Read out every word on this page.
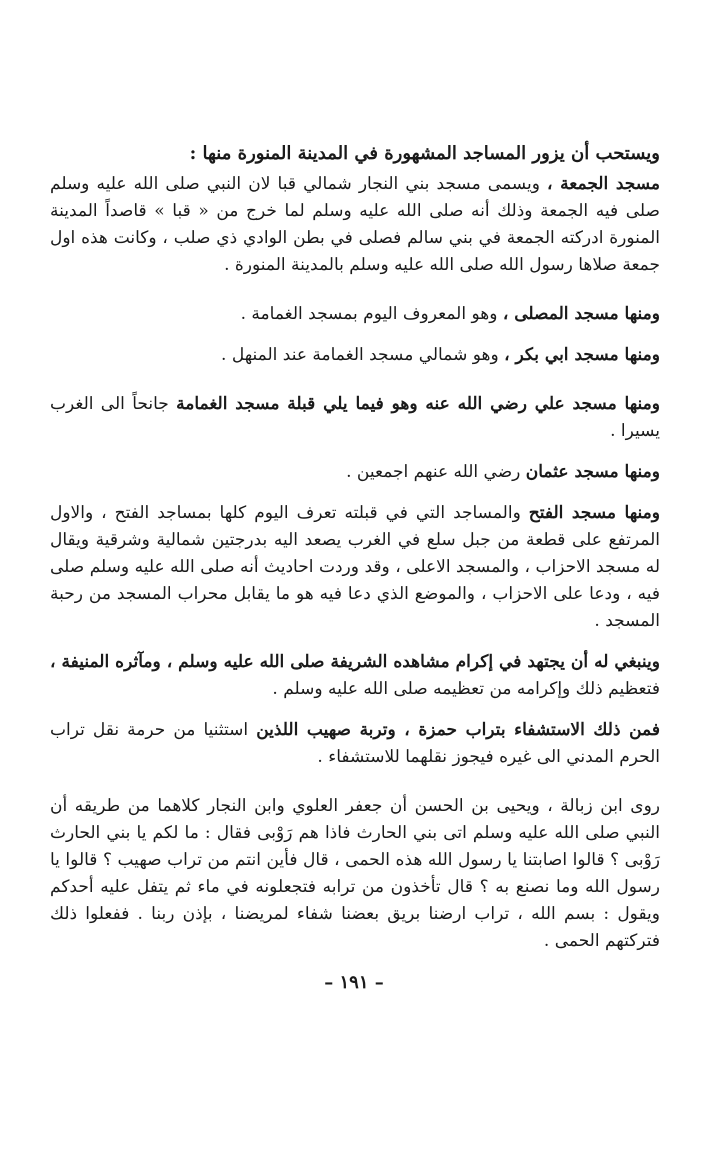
ويستحب أن يزور المساجد المشهورة في المدينة المنورة منها :

مسجد الجمعة ، ويسمى مسجد بني النجار شمالي قبا لان النبي صلى الله عليه وسلم صلى فيه الجمعة وذلك أنه صلى الله عليه وسلم لما خرج من « قبا » قاصداً المدينة المنورة ادركته الجمعة في بني سالم فصلى في بطن الوادي ذي صلب ، وكانت هذه اول جمعة صلاها رسول الله صلى الله عليه وسلم بالمدينة المنورة .

ومنها مسجد المصلى ، وهو المعروف اليوم بمسجد الغمامة .

ومنها مسجد ابي بكر ، وهو شمالي مسجد الغمامة عند المنهل .

ومنها مسجد علي رضي الله عنه وهو فيما يلي قبلة مسجد الغمامة جانحاً الى الغرب يسيرا .

ومنها مسجد عثمان رضي الله عنهم اجمعين .

ومنها مسجد الفتح والمساجد التي في قبلته تعرف اليوم كلها بمساجد الفتح ، والاول المرتفع على قطعة من جبل سلع في الغرب يصعد اليه بدرجتين شمالية وشرقية ويقال له مسجد الاحزاب ، والمسجد الاعلى ، وقد وردت احاديث أنه صلى الله عليه وسلم صلى فيه ، ودعا على الاحزاب ، والموضع الذي دعا فيه هو ما يقابل محراب المسجد من رحبة المسجد .

وينبغي له أن يجتهد في إكرام مشاهده الشريفة صلى الله عليه وسلم ، ومآثره المنيفة ، فتعظيم ذلك وإكرامه من تعظيمه صلى الله عليه وسلم .

فمن ذلك الاستشفاء بتراب حمزة ، وتربة صهيب اللذين استثنيا من حرمة نقل تراب الحرم المدني الى غيره فيجوز نقلهما للاستشفاء .

روى ابن زبالة ، ويحيى بن الحسن أن جعفر العلوي وابن النجار كلاهما من طريقه أن النبي صلى الله عليه وسلم اتى بني الحارث فاذا هم رَوْبى فقال : ما لكم يا بني الحارث رَوْبى ؟ قالوا اصابتنا يا رسول الله هذه الحمى ، قال فأين انتم من تراب صهيب ؟ قالوا يا رسول الله وما نصنع به ؟ قال تأخذون من ترابه فتجعلونه في ماء ثم يتفل عليه أحدكم ويقول : بسم الله ، تراب ارضنا بريق بعضنا شفاء لمريضنا ، بإذن ربنا . ففعلوا ذلك فتركتهم الحمى .

– ١٩١ –
